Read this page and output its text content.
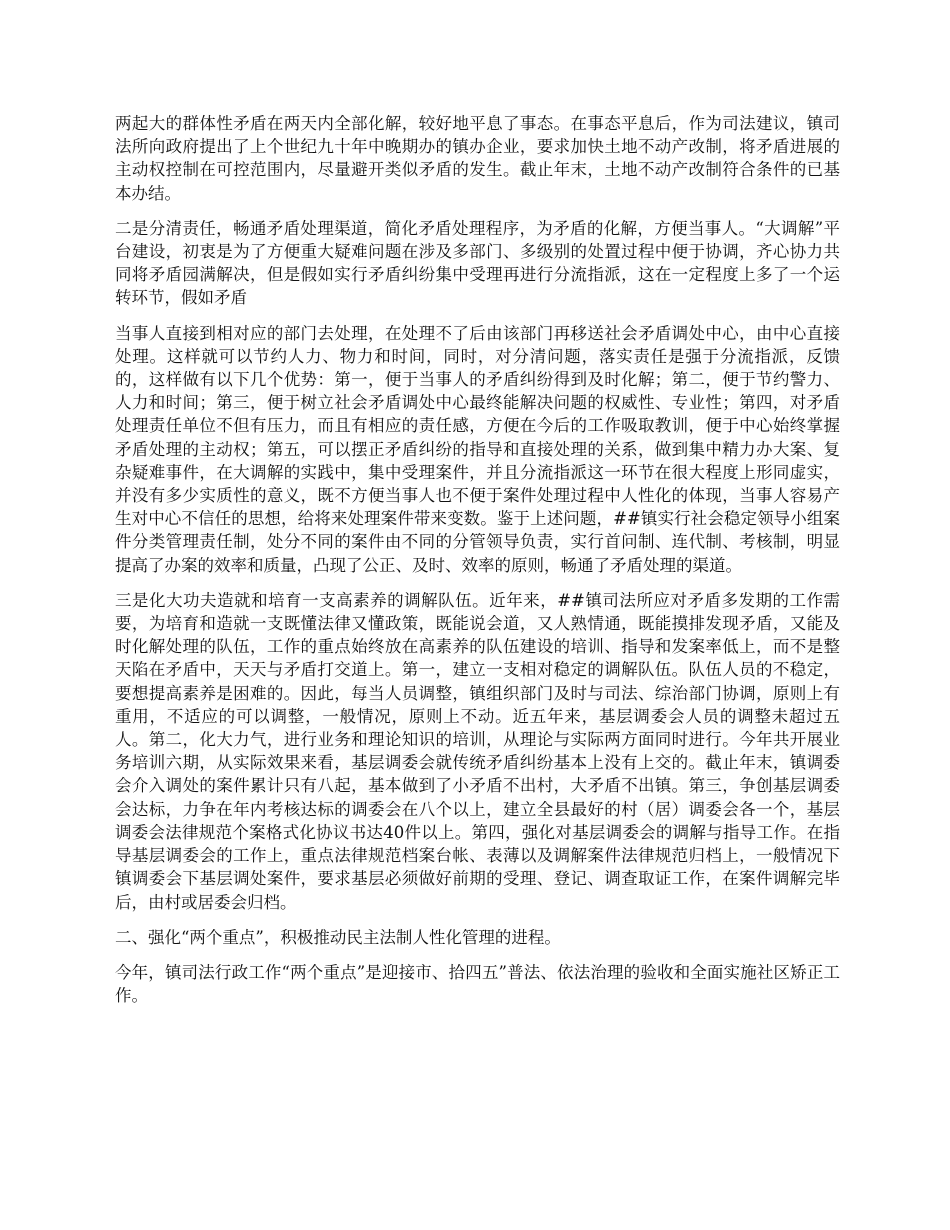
两起大的群体性矛盾在两天内全部化解，较好地平息了事态。在事态平息后，作为司法建议，镇司法所向政府提出了上个世纪九十年中晚期办的镇办企业，要求加快土地不动产改制，将矛盾进展的主动权控制在可控范围内，尽量避开类似矛盾的发生。截止年末，土地不动产改制符合条件的已基本办结。

二是分清责任，畅通矛盾处理渠道，简化矛盾处理程序，为矛盾的化解，方便当事人。“大调解”平台建设，初衷是为了方便重大疑难问题在涉及多部门、多级别的处置过程中便于协调，齐心协力共同将矛盾园满解决，但是假如实行矛盾纠纷集中受理再进行分流指派，这在一定程度上多了一个运转环节，假如矛盾

当事人直接到相对应的部门去处理，在处理不了后由该部门再移送社会矛盾调处中心，由中心直接处理。这样就可以节约人力、物力和时间，同时，对分清问题，落实责任是强于分流指派，反馈的，这样做有以下几个优势：第一，便于当事人的矛盾纠纷得到及时化解；第二，便于节约警力、人力和时间；第三，便于树立社会矛盾调处中心最终能解决问题的权威性、专业性；第四，对矛盾处理责任单位不但有压力，而且有相应的责任感，方便在今后的工作吸取教训，便于中心始终掌握矛盾处理的主动权；第五，可以摆正矛盾纠纷的指导和直接处理的关系，做到集中精力办大案、复杂疑难事件，在大调解的实践中，集中受理案件，并且分流指派这一环节在很大程度上形同虚实，并没有多少实质性的意义，既不方便当事人也不便于案件处理过程中人性化的体现，当事人容易产生对中心不信任的思想，给将来处理案件带来变数。鉴于上述问题，##镇实行社会稳定领导小组案件分类管理责任制，处分不同的案件由不同的分管领导负责，实行首问制、连代制、考核制，明显提高了办案的效率和质量，凸现了公正、及时、效率的原则，畅通了矛盾处理的渠道。

三是化大功夫造就和培育一支高素养的调解队伍。近年来，##镇司法所应对矛盾多发期的工作需要，为培育和造就一支既懂法律又懂政策，既能说会道，又人熟情通，既能摸排发现矛盾，又能及时化解处理的队伍，工作的重点始终放在高素养的队伍建设的培训、指导和发案率低上，而不是整天陷在矛盾中，天天与矛盾打交道上。第一，建立一支相对稳定的调解队伍。队伍人员的不稳定，要想提高素养是困难的。因此，每当人员调整，镇组织部门及时与司法、综治部门协调，原则上有重用，不适应的可以调整，一般情况，原则上不动。近五年来，基层调委会人员的调整未超过五人。第二，化大力气，进行业务和理论知识的培训，从理论与实际两方面同时进行。今年共开展业务培训六期，从实际效果来看，基层调委会就传统矛盾纠纷基本上没有上交的。截止年末，镇调委会介入调处的案件累计只有八起，基本做到了小矛盾不出村，大矛盾不出镇。第三，争创基层调委会达标，力争在年内考核达标的调委会在八个以上，建立全县最好的村（居）调委会各一个，基层调委会法律规范个案格式化协议书达40件以上。第四，强化对基层调委会的调解与指导工作。在指导基层调委会的工作上，重点法律规范档案台帐、表薄以及调解案件法律规范归档上，一般情况下镇调委会下基层调处案件，要求基层必须做好前期的受理、登记、调查取证工作，在案件调解完毕后，由村或居委会归档。

二、强化“两个重点”，积极推动民主法制人性化管理的进程。

今年，镇司法行政工作“两个重点”是迎接市、拾四五”普法、依法治理的验收和全面实施社区矫正工作。
